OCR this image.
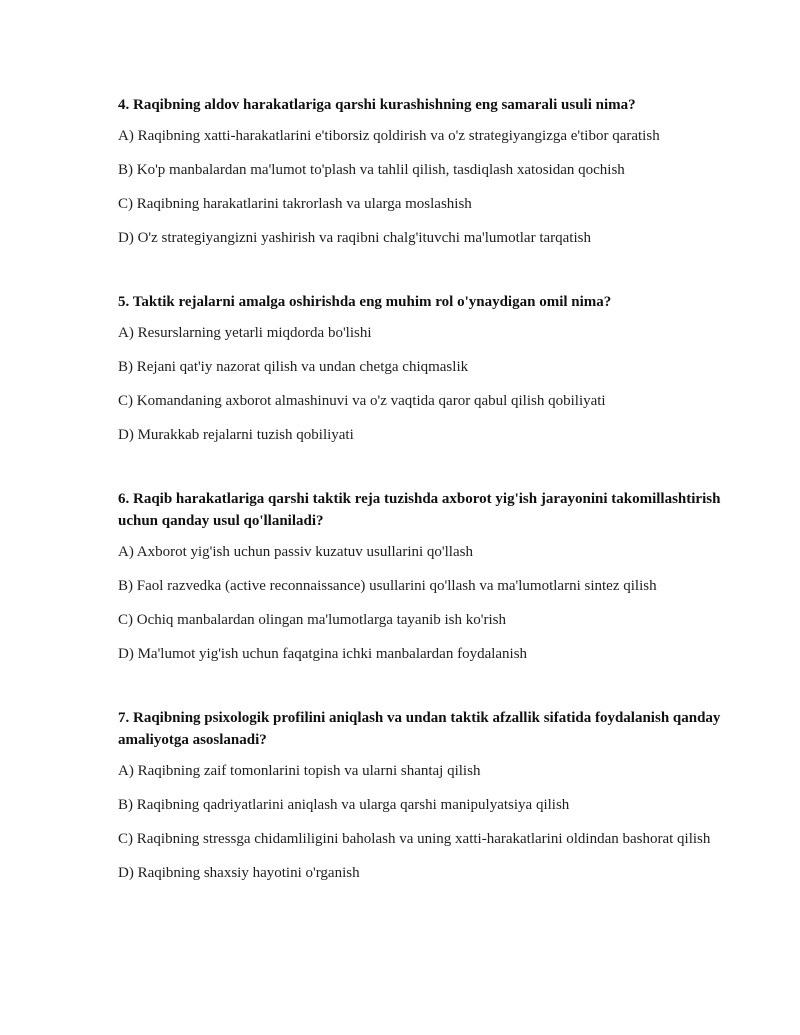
4. Raqibning aldov harakatlariga qarshi kurashishning eng samarali usuli nima?

A) Raqibning xatti-harakatlarini e'tiborsiz qoldirish va o'z strategiyangizga e'tibor qaratish

B) Ko'p manbalardan ma'lumot to'plash va tahlil qilish, tasdiqlash xatosidan qochish

C) Raqibning harakatlarini takrorlash va ularga moslashish

D) O'z strategiyangizni yashirish va raqibni chalg'ituvchi ma'lumotlar tarqatish

5. Taktik rejalarni amalga oshirishda eng muhim rol o'ynaydigan omil nima?

A) Resurslarning yetarli miqdorda bo'lishi

B) Rejani qat'iy nazorat qilish va undan chetga chiqmaslik

C) Komandaning axborot almashinuvi va o'z vaqtida qaror qabul qilish qobiliyati

D) Murakkab rejalarni tuzish qobiliyati

6. Raqib harakatlariga qarshi taktik reja tuzishda axborot yig'ish jarayonini takomillashtirish uchun qanday usul qo'llaniladi?

A) Axborot yig'ish uchun passiv kuzatuv usullarini qo'llash

B) Faol razvedka (active reconnaissance) usullarini qo'llash va ma'lumotlarni sintez qilish

C) Ochiq manbalardan olingan ma'lumotlarga tayanib ish ko'rish

D) Ma'lumot yig'ish uchun faqatgina ichki manbalardan foydalanish

7. Raqibning psixologik profilini aniqlash va undan taktik afzallik sifatida foydalanish qanday amaliyotga asoslanadi?

A) Raqibning zaif tomonlarini topish va ularni shantaj qilish

B) Raqibning qadriyatlarini aniqlash va ularga qarshi manipulyatsiya qilish

C) Raqibning stressga chidamliligini baholash va uning xatti-harakatlarini oldindan bashorat qilish

D) Raqibning shaxsiy hayotini o'rganish
